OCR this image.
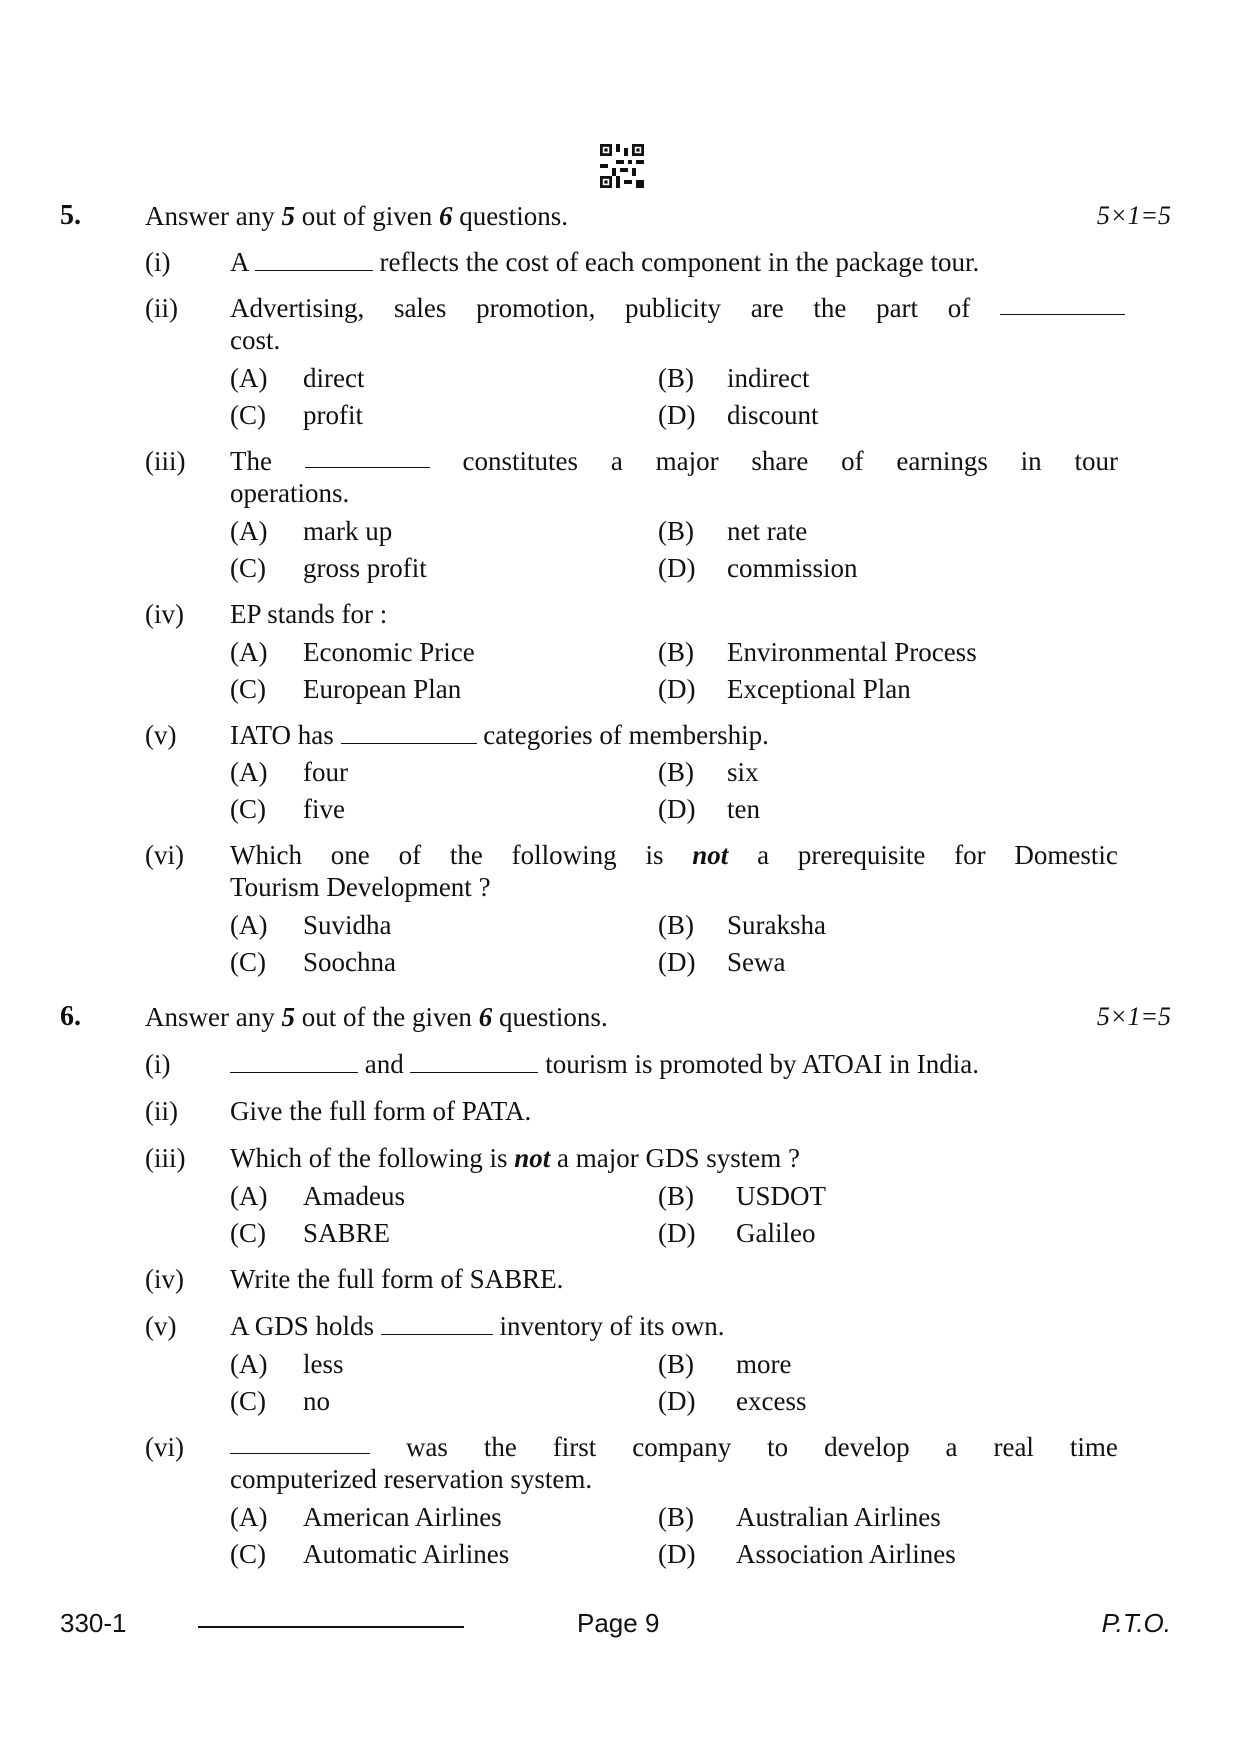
5. Answer any 5 out of given 6 questions.	5×1=5
(i) A	reflects the cost of each component in the package tour.
(ii) Advertising, sales promotion, publicity are the part of
cost.
(A) direct	(B) indirect
(C) profit	(D) discount
(iii) The	constitutes a major share of earnings in tour
operations.
(A) mark up	(B) net rate
(C) gross profit	(D) commission
(iv) EP stands for :
(A) Economic Price	(B) Environmental Process
(C) European Plan	(D) Exceptional Plan
(v) IATO has	categories of membership.
(A) four	(B) six
(C) five	(D) ten
(vi) Which one of the following is not a prerequisite for Domestic
Tourism Development ?
(A) Suvidha	(B) Suraksha
(C) Soochna	(D) Sewa
6. Answer any 5 out of the given 6 questions.	5×1=5
(i)	and	tourism is promoted by ATOAI in India.
(ii) Give the full form of PATA.
(iii) Which of the following is not a major GDS system ?
(A) Amadeus	(B) USDOT
(C) SABRE	(D) Galileo
(iv) Write the full form of SABRE.
(v) A GDS holds	inventory of its own.
(A) less	(B) more
(C) no	(D) excess
(vi)	was the first company to develop a real time
computerized reservation system.
(A) American Airlines	(B) Australian Airlines
(C) Automatic Airlines	(D) Association Airlines
330-1	Page 9	P.T.O.
